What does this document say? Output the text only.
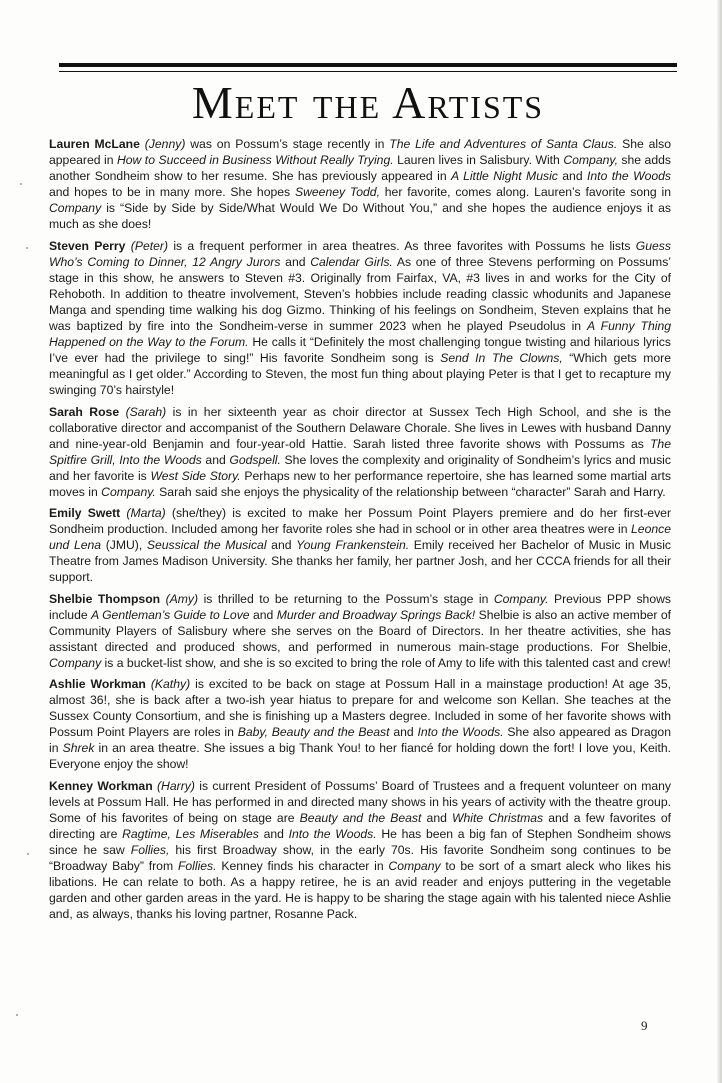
Meet the Artists

Lauren McLane (Jenny) was on Possum’s stage recently in The Life and Adventures of Santa Claus. She also appeared in How to Succeed in Business Without Really Trying. Lauren lives in Salisbury. With Company, she adds another Sondheim show to her resume. She has previously appeared in A Little Night Music and Into the Woods and hopes to be in many more. She hopes Sweeney Todd, her favorite, comes along. Lauren’s favorite song in Company is “Side by Side by Side/What Would We Do Without You,” and she hopes the audience enjoys it as much as she does!

Steven Perry (Peter) is a frequent performer in area theatres. As three favorites with Possums he lists Guess Who’s Coming to Dinner, 12 Angry Jurors and Calendar Girls. As one of three Stevens performing on Possums’ stage in this show, he answers to Steven #3. Originally from Fairfax, VA, #3 lives in and works for the City of Rehoboth. In addition to theatre involvement, Steven’s hobbies include reading classic whodunits and Japanese Manga and spending time walking his dog Gizmo. Thinking of his feelings on Sondheim, Steven explains that he was baptized by fire into the Sondheim-verse in summer 2023 when he played Pseudolus in A Funny Thing Happened on the Way to the Forum. He calls it “Definitely the most challenging tongue twisting and hilarious lyrics I’ve ever had the privilege to sing!” His favorite Sondheim song is Send In The Clowns, “Which gets more meaningful as I get older.” According to Steven, the most fun thing about playing Peter is that I get to recapture my swinging 70’s hairstyle!

Sarah Rose (Sarah) is in her sixteenth year as choir director at Sussex Tech High School, and she is the collaborative director and accompanist of the Southern Delaware Chorale. She lives in Lewes with husband Danny and nine-year-old Benjamin and four-year-old Hattie. Sarah listed three favorite shows with Possums as The Spitfire Grill, Into the Woods and Godspell. She loves the complexity and originality of Sondheim’s lyrics and music and her favorite is West Side Story. Perhaps new to her performance repertoire, she has learned some martial arts moves in Company. Sarah said she enjoys the physicality of the relationship between “character” Sarah and Harry.

Emily Swett (Marta) (she/they) is excited to make her Possum Point Players premiere and do her first-ever Sondheim production. Included among her favorite roles she had in school or in other area theatres were in Leonce und Lena (JMU), Seussical the Musical and Young Frankenstein. Emily received her Bachelor of Music in Music Theatre from James Madison University. She thanks her family, her partner Josh, and her CCCA friends for all their support.

Shelbie Thompson (Amy) is thrilled to be returning to the Possum’s stage in Company. Previous PPP shows include A Gentleman’s Guide to Love and Murder and Broadway Springs Back! Shelbie is also an active member of Community Players of Salisbury where she serves on the Board of Directors. In her theatre activities, she has assistant directed and produced shows, and performed in numerous main-stage productions. For Shelbie, Company is a bucket-list show, and she is so excited to bring the role of Amy to life with this talented cast and crew!

Ashlie Workman (Kathy) is excited to be back on stage at Possum Hall in a mainstage production! At age 35, almost 36!, she is back after a two-ish year hiatus to prepare for and welcome son Kellan. She teaches at the Sussex County Consortium, and she is finishing up a Masters degree. Included in some of her favorite shows with Possum Point Players are roles in Baby, Beauty and the Beast and Into the Woods. She also appeared as Dragon in Shrek in an area theatre. She issues a big Thank You! to her fiancé for holding down the fort! I love you, Keith. Everyone enjoy the show!

Kenney Workman (Harry) is current President of Possums’ Board of Trustees and a frequent volunteer on many levels at Possum Hall. He has performed in and directed many shows in his years of activity with the theatre group. Some of his favorites of being on stage are Beauty and the Beast and White Christmas and a few favorites of directing are Ragtime, Les Miserables and Into the Woods. He has been a big fan of Stephen Sondheim shows since he saw Follies, his first Broadway show, in the early 70s. His favorite Sondheim song continues to be “Broadway Baby” from Follies. Kenney finds his character in Company to be sort of a smart aleck who likes his libations. He can relate to both. As a happy retiree, he is an avid reader and enjoys puttering in the vegetable garden and other garden areas in the yard. He is happy to be sharing the stage again with his talented niece Ashlie and, as always, thanks his loving partner, Rosanne Pack.

9
